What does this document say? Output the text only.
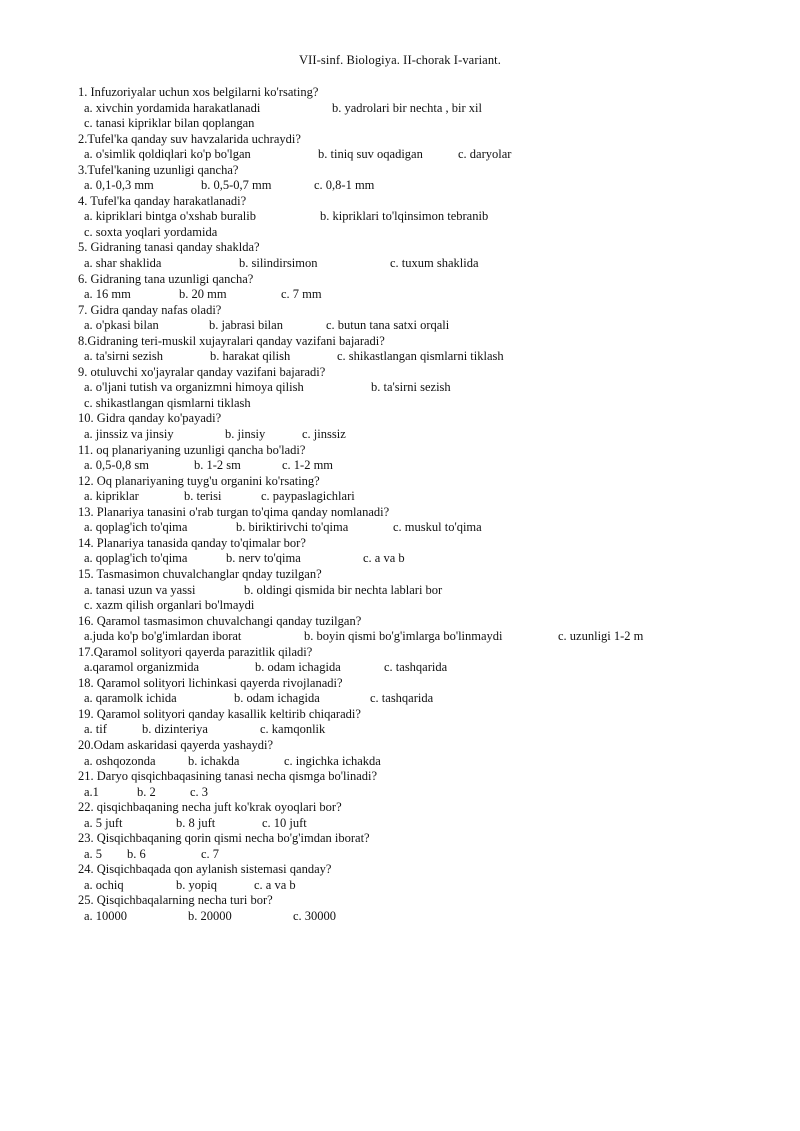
VII-sinf. Biologiya. II-chorak I-variant.
1. Infuzoriyalar uchun xos belgilarni ko'rsating?
a. xivchin yordamida harakatlanadi	b. yadrolari bir nechta , bir xil
c. tanasi kipriklar bilan qoplangan
2.Tufel'ka qanday suv havzalarida uchraydi?
a. o'simlik qoldiqlari ko'p bo'lgan	b. tiniq suv oqadigan	c. daryolar
3.Tufel'kaning uzunligi qancha?
a. 0,1-0,3 mm	b. 0,5-0,7 mm	c. 0,8-1 mm
4. Tufel'ka qanday harakatlanadi?
a. kipriklari bintga o'xshab buralib	b. kipriklari to'lqinsimon tebranib
c. soxta yoqlari yordamida
5. Gidraning tanasi qanday shaklda?
a. shar shaklida	b. silindirsimon	c. tuxum shaklida
6. Gidraning tana uzunligi qancha?
a. 16 mm	b. 20 mm	c. 7 mm
7. Gidra qanday nafas oladi?
a. o'pkasi bilan	b. jabrasi bilan	c. butun tana satxi orqali
8.Gidraning teri-muskil xujayralari qanday vazifani bajaradi?
a. ta'sirni sezish	b. harakat qilish	c. shikastlangan qismlarni tiklash
9. otuluvchi xo'jayralar qanday vazifani bajaradi?
a. o'ljani tutish va organizmni himoya qilish	b. ta'sirni sezish
c. shikastlangan qismlarni tiklash
10. Gidra qanday ko'payadi?
a. jinssiz va jinsiy	b. jinsiy	c. jinssiz
11. oq planariyaning uzunligi qancha bo'ladi?
a. 0,5-0,8 sm	b. 1-2 sm	c. 1-2 mm
12. Oq planariyaning tuyg'u organini ko'rsating?
a. kipriklar	b. terisi	c. paypaslagichlari
13. Planariya tanasini o'rab turgan to'qima qanday nomlanadi?
a. qoplag'ich to'qima	b. biriktirivchi to'qima	c. muskul to'qima
14. Planariya tanasida qanday to'qimalar bor?
a. qoplag'ich to'qima	b. nerv to'qima	c. a va b
15. Tasmasimon chuvalchanglar qnday tuzilgan?
a. tanasi uzun va yassi	b. oldingi qismida bir nechta lablari bor
c. xazm qilish organlari bo'lmaydi
16. Qaramol tasmasimon chuvalchangi qanday tuzilgan?
a.juda ko'p bo'g'imlardan iborat	b. boyin qismi bo'g'imlarga bo'linmaydi	c. uzunligi 1-2 m
17.Qaramol solityori qayerda parazitlik qiladi?
a.qaramol organizmida	b. odam ichagida	c. tashqarida
18. Qaramol solityori lichinkasi qayerda rivojlanadi?
a. qaramolk ichida	b. odam ichagida	c. tashqarida
19. Qaramol solityori qanday kasallik keltirib chiqaradi?
a. tif	b. dizinteriya	c. kamqonlik
20.Odam askaridasi qayerda yashaydi?
a. oshqozonda	b. ichakda	c. ingichka ichakda
21. Daryo qisqichbaqasining tanasi necha qismga bo'linadi?
a.1	b. 2	c. 3
22. qisqichbaqaning necha juft ko'krak oyoqlari bor?
a. 5 juft	b. 8 juft	c. 10 juft
23. Qisqichbaqaning qorin qismi necha bo'g'imdan iborat?
a. 5	b. 6	c. 7
24. Qisqichbaqada qon aylanish sistemasi qanday?
a. ochiq	b. yopiq	c. a va b
25. Qisqichbaqalarning necha turi bor?
a. 10000	b. 20000	c. 30000
